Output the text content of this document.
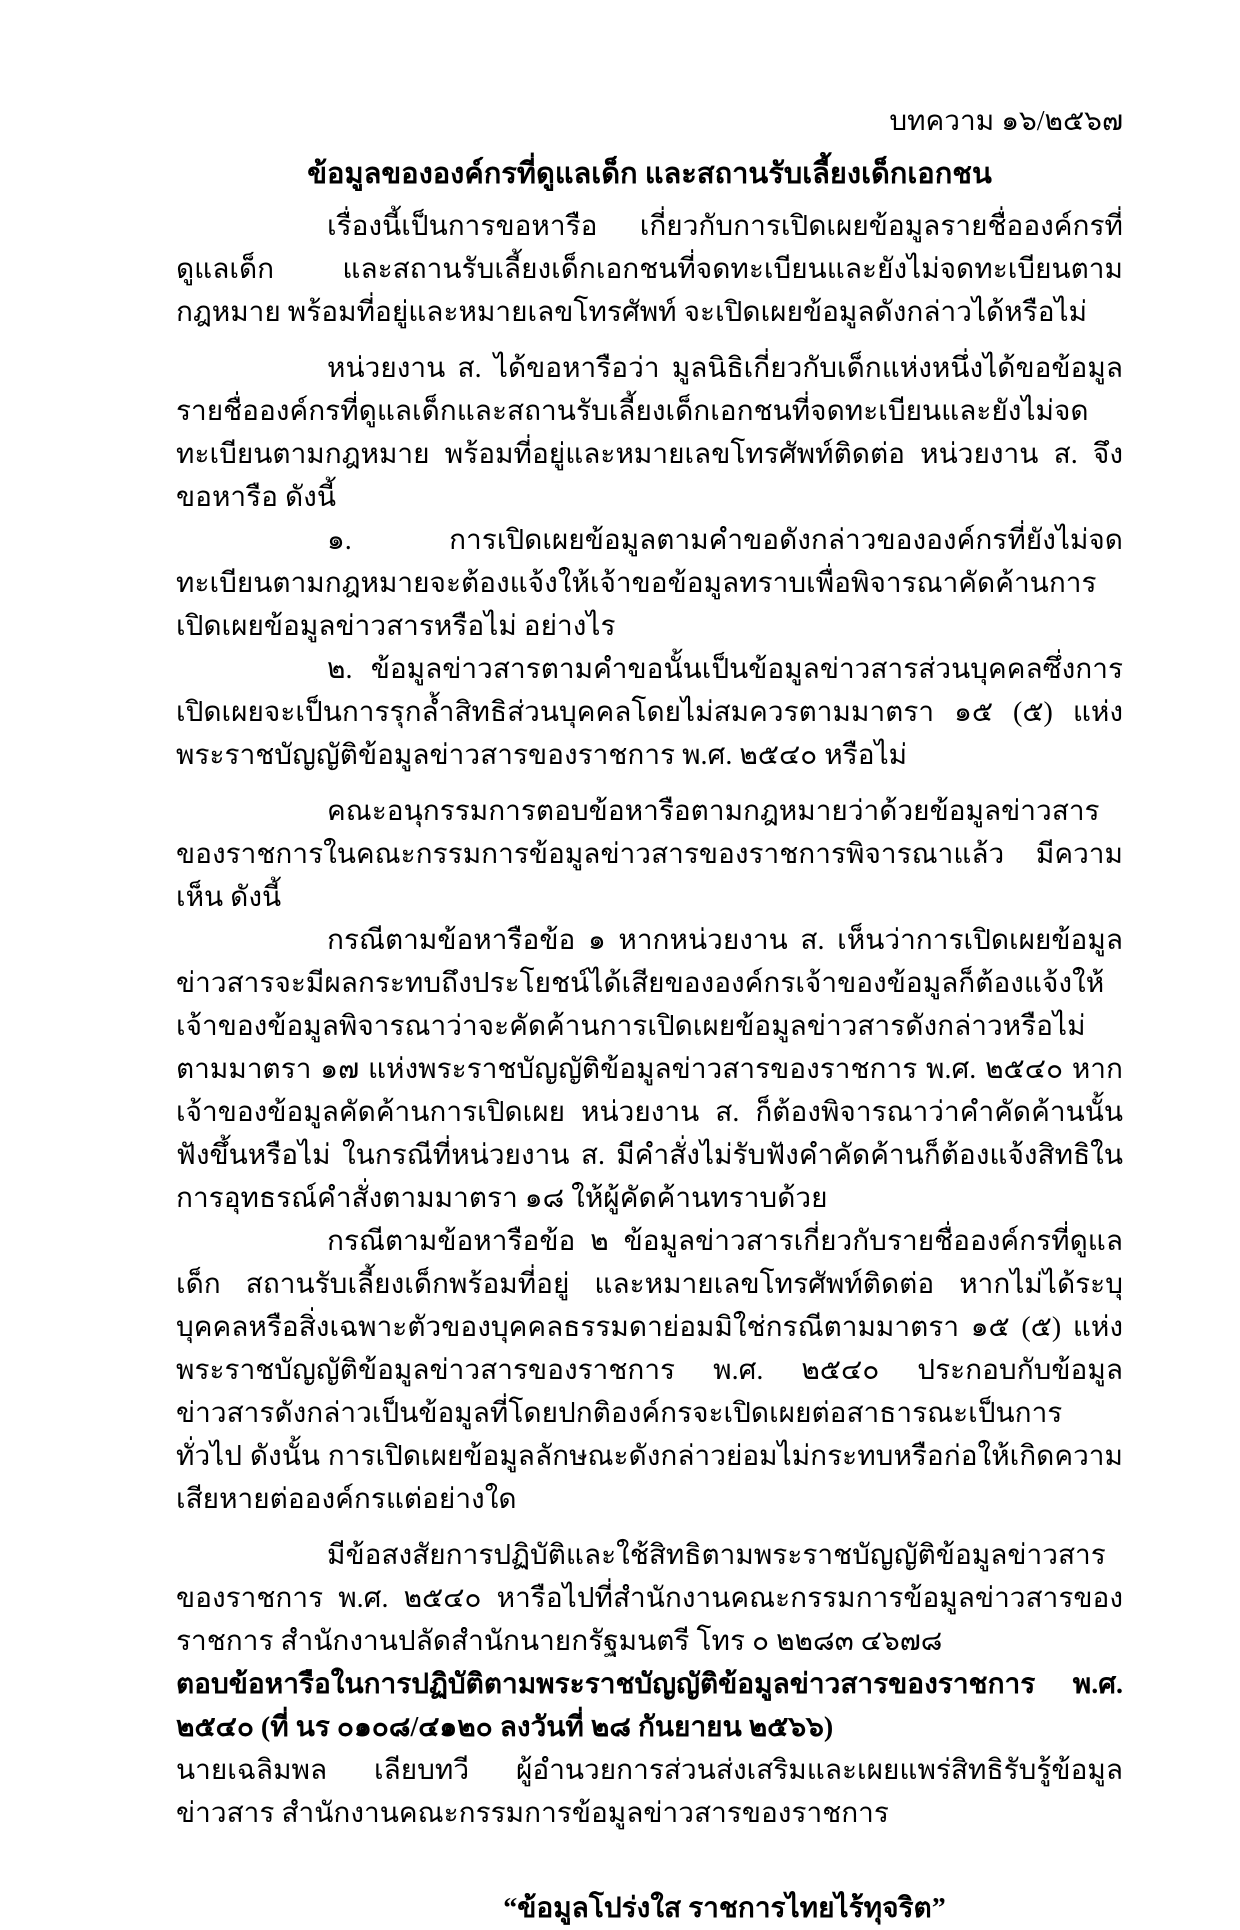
บทความ ๑๖/๒๕๖๗
ข้อมูลขององค์กรที่ดูแลเด็ก และสถานรับเลี้ยงเด็กเอกชน

เรื่องนี้เป็นการขอหารือ เกี่ยวกับการเปิดเผยข้อมูลรายชื่อองค์กรที่ดูแลเด็ก และสถานรับเลี้ยงเด็กเอกชนที่จดทะเบียนและยังไม่จดทะเบียนตามกฎหมาย พร้อมที่อยู่และหมายเลขโทรศัพท์ จะเปิดเผยข้อมูลดังกล่าวได้หรือไม่

หน่วยงาน ส. ได้ขอหารือว่า มูลนิธิเกี่ยวกับเด็กแห่งหนึ่งได้ขอข้อมูลรายชื่อองค์กรที่ดูแลเด็กและสถานรับเลี้ยงเด็กเอกชนที่จดทะเบียนและยังไม่จดทะเบียนตามกฎหมาย พร้อมที่อยู่และหมายเลขโทรศัพท์ติดต่อ หน่วยงาน ส. จึงขอหารือ ดังนี้

๑. การเปิดเผยข้อมูลตามคำขอดังกล่าวขององค์กรที่ยังไม่จดทะเบียนตามกฎหมายจะต้องแจ้งให้เจ้าขอข้อมูลทราบเพื่อพิจารณาคัดค้านการเปิดเผยข้อมูลข่าวสารหรือไม่ อย่างไร

๒. ข้อมูลข่าวสารตามคำขอนั้นเป็นข้อมูลข่าวสารส่วนบุคคลซึ่งการเปิดเผยจะเป็นการรุกล้ำสิทธิส่วนบุคคลโดยไม่สมควรตามมาตรา ๑๕ (๕) แห่งพระราชบัญญัติข้อมูลข่าวสารของราชการ พ.ศ. ๒๕๔๐ หรือไม่

คณะอนุกรรมการตอบข้อหารือตามกฎหมายว่าด้วยข้อมูลข่าวสารของราชการในคณะกรรมการข้อมูลข่าวสารของราชการพิจารณาแล้ว มีความเห็น ดังนี้

กรณีตามข้อหารือข้อ ๑ หากหน่วยงาน ส. เห็นว่าการเปิดเผยข้อมูลข่าวสารจะมีผลกระทบถึงประโยชน์ได้เสียขององค์กรเจ้าของข้อมูลก็ต้องแจ้งให้เจ้าของข้อมูลพิจารณาว่าจะคัดค้านการเปิดเผยข้อมูลข่าวสารดังกล่าวหรือไม่ตามมาตรา ๑๗ แห่งพระราชบัญญัติข้อมูลข่าวสารของราชการ พ.ศ. ๒๕๔๐ หากเจ้าของข้อมูลคัดค้านการเปิดเผย หน่วยงาน ส. ก็ต้องพิจารณาว่าคำคัดค้านนั้นฟังขึ้นหรือไม่ ในกรณีที่หน่วยงาน ส. มีคำสั่งไม่รับฟังคำคัดค้านก็ต้องแจ้งสิทธิในการอุทธรณ์คำสั่งตามมาตรา ๑๘ ให้ผู้คัดค้านทราบด้วย

กรณีตามข้อหารือข้อ ๒ ข้อมูลข่าวสารเกี่ยวกับรายชื่อองค์กรที่ดูแลเด็ก สถานรับเลี้ยงเด็กพร้อมที่อยู่ และหมายเลขโทรศัพท์ติดต่อ หากไม่ได้ระบุบุคคลหรือสิ่งเฉพาะตัวของบุคคลธรรมดาย่อมมิใช่กรณีตามมาตรา ๑๕ (๕) แห่งพระราชบัญญัติข้อมูลข่าวสารของราชการ พ.ศ. ๒๕๔๐ ประกอบกับข้อมูลข่าวสารดังกล่าวเป็นข้อมูลที่โดยปกติองค์กรจะเปิดเผยต่อสาธารณะเป็นการทั่วไป ดังนั้น การเปิดเผยข้อมูลลักษณะดังกล่าวย่อมไม่กระทบหรือก่อให้เกิดความเสียหายต่อองค์กรแต่อย่างใด

มีข้อสงสัยการปฏิบัติและใช้สิทธิตามพระราชบัญญัติข้อมูลข่าวสารของราชการ พ.ศ. ๒๕๔๐ หารือไปที่สำนักงานคณะกรรมการข้อมูลข่าวสารของราชการ สำนักงานปลัดสำนักนายกรัฐมนตรี โทร ๐ ๒๒๘๓ ๔๖๗๘

ตอบข้อหารือในการปฏิบัติตามพระราชบัญญัติข้อมูลข่าวสารของราชการ พ.ศ. ๒๕๔๐ (ที่ นร ๐๑๐๘/๔๑๒๐ ลงวันที่ ๒๘ กันยายน ๒๕๖๖)

นายเฉลิมพล เลียบทวี ผู้อำนวยการส่วนส่งเสริมและเผยแพร่สิทธิรับรู้ข้อมูลข่าวสาร สำนักงานคณะกรรมการข้อมูลข่าวสารของราชการ

“ข้อมูลโปร่งใส ราชการไทยไร้ทุจริต”
